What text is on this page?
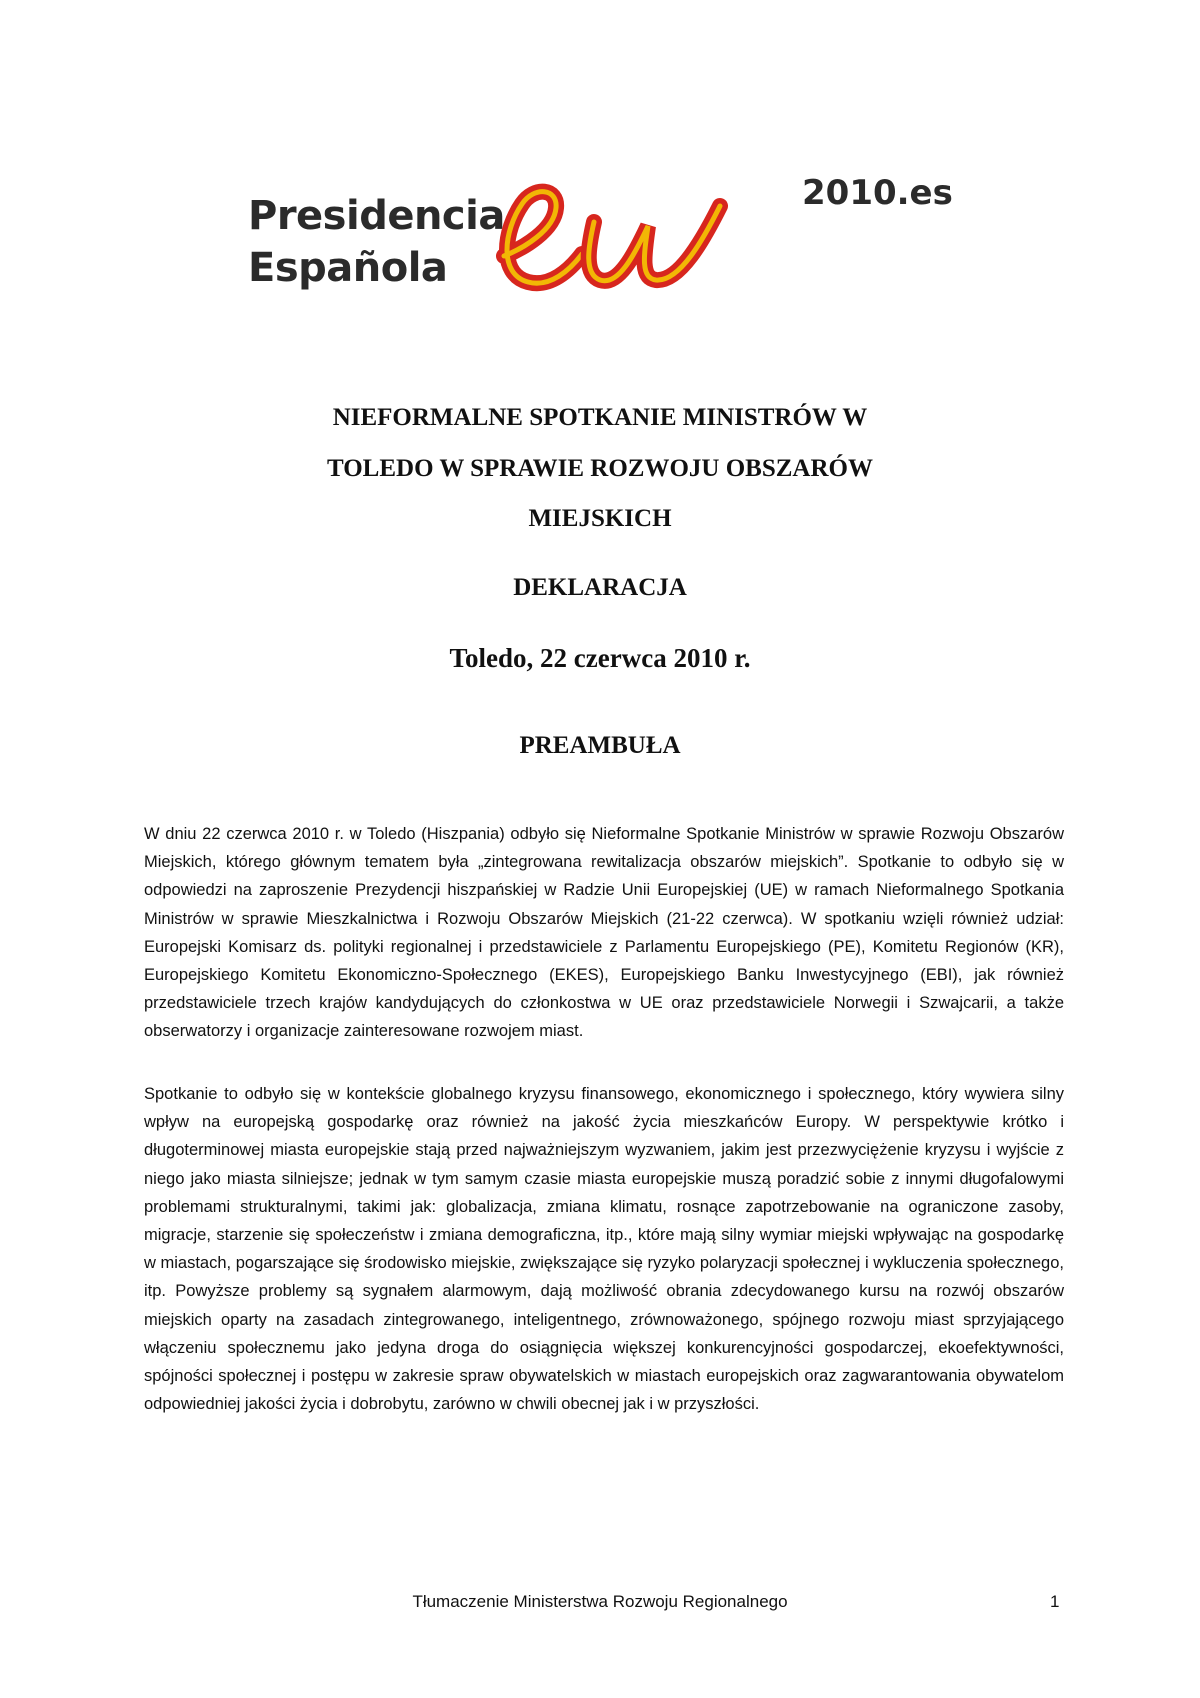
Presidencia
Española
2010.es
NIEFORMALNE SPOTKANIE MINISTRÓW W
TOLEDO W SPRAWIE ROZWOJU OBSZARÓW
MIEJSKICH
DEKLARACJA
Toledo, 22 czerwca 2010 r.
PREAMBUŁA

W dniu 22 czerwca 2010 r. w Toledo (Hiszpania) odbyło się Nieformalne Spotkanie Ministrów w sprawie Rozwoju Obszarów Miejskich, którego głównym tematem była „zintegrowana rewitalizacja obszarów miejskich”. Spotkanie to odbyło się w odpowiedzi na zaproszenie Prezydencji hiszpańskiej w Radzie Unii Europejskiej (UE) w ramach Nieformalnego Spotkania Ministrów w sprawie Mieszkalnictwa i Rozwoju Obszarów Miejskich (21-22 czerwca). W spotkaniu wzięli również udział: Europejski Komisarz ds. polityki regionalnej i przedstawiciele z Parlamentu Europejskiego (PE), Komitetu Regionów (KR), Europejskiego Komitetu Ekonomiczno-Społecznego (EKES), Europejskiego Banku Inwestycyjnego (EBI), jak również przedstawiciele trzech krajów kandydujących do członkostwa w UE oraz przedstawiciele Norwegii i Szwajcarii, a także obserwatorzy i organizacje zainteresowane rozwojem miast.

Spotkanie to odbyło się w kontekście globalnego kryzysu finansowego, ekonomicznego i społecznego, który wywiera silny wpływ na europejską gospodarkę oraz również na jakość życia mieszkańców Europy. W perspektywie krótko i długoterminowej miasta europejskie stają przed najważniejszym wyzwaniem, jakim jest przezwyciężenie kryzysu i wyjście z niego jako miasta silniejsze; jednak w tym samym czasie miasta europejskie muszą poradzić sobie z innymi długofalowymi problemami strukturalnymi, takimi jak: globalizacja, zmiana klimatu, rosnące zapotrzebowanie na ograniczone zasoby, migracje, starzenie się społeczeństw i zmiana demograficzna, itp., które mają silny wymiar miejski wpływając na gospodarkę w miastach, pogarszające się środowisko miejskie, zwiększające się ryzyko polaryzacji społecznej i wykluczenia społecznego, itp. Powyższe problemy są sygnałem alarmowym, dają możliwość obrania zdecydowanego kursu na rozwój obszarów miejskich oparty na zasadach zintegrowanego, inteligentnego, zrównoważonego, spójnego rozwoju miast sprzyjającego włączeniu społecznemu jako jedyna droga do osiągnięcia większej konkurencyjności gospodarczej, ekoefektywności, spójności społecznej i postępu w zakresie spraw obywatelskich w miastach europejskich oraz zagwarantowania obywatelom odpowiedniej jakości życia i dobrobytu, zarówno w chwili obecnej jak i w przyszłości.

Tłumaczenie Ministerstwa Rozwoju Regionalnego	1
